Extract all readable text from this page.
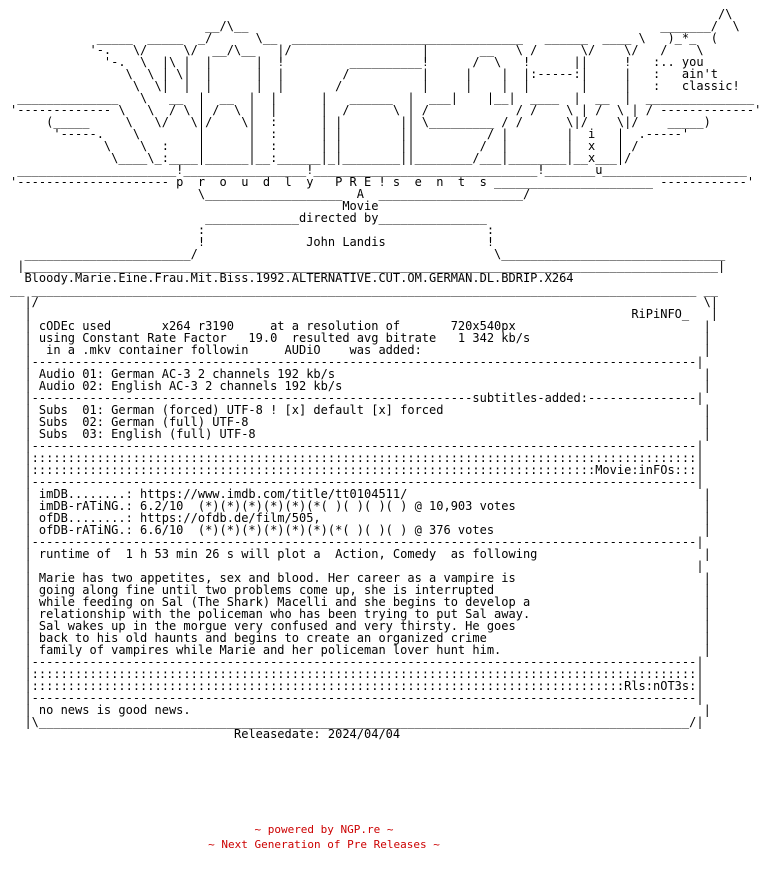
/\
__/\__                                                         _______/  \
_____  _____  _/      \__  ________________________________   ______  ____ \   )_*_  (
'-.   \/     \/  __/\__   |/                  |       __   \ /      \/    \/   /    \
'-.  \  |\ |  |      |  !         __________!      /  \   !      ||     !   :.. you
\  \ | \|  |      |  |        /          |     |    |  |:-----:|     |   :   ain't
\  \|  |  |      |  |       /           |     |    |  |       |     |   :   classic!
______________   \   __  |  __  |  |      |   ______  |  ___|    |__|  ____  |  __  |  _______________
'------------- \   \  / \ | /  \ |  |      |  /      \ | /            / /    \ | /  \ | / -------------'
(_____     \   \/   \|/    \|  :      | |        || \_________ / /      \|/    \|/    _____)
'-----.    \        |      |  :      | |        ||          / |        |  i   |  .-----'
\    \  :    |      |  :      | |        ||         /  |        |  x   | /
\____\_:____|______|__:______|_|________||________/___|________|__x___|/
______________________!_________________!_______________________________!_______u____________________
'--------------------- p  r  o  u  d  l  y   P R E ! s  e  n  t  s ______________________ ------------'
\___________________  A  ____________________/
Movie
_____________directed by_______________
:                                       :
!              John Landis              !
_______________________/                                         \_______________________________
|________________________________________________________________________________________________|
Bloody.Marie.Eine.Frau.Mit.Biss.1992.ALTERNATIVE.CUT.OM.GERMAN.DL.BDRIP.X264
__ ____________________________________________________________________________________________ __
|/                                                                                            \|
|                                                                                   RiPiNFO_   |
| cODEc used       x264 r3190     at a resolution of       720x540px                          |
| using Constant Rate Factor   19.0  resulted avg bitrate   1 342 kb/s                        |
|  in a .mkv container followin     AUDiO    was added:                                       |
|--------------------------------------------------------------------------------------------|
| Audio 01: German AC-3 2 channels 192 kb/s                                                   |
| Audio 02: English AC-3 2 channels 192 kb/s                                                  |
|-------------------------------------------------------------subtitles-added:---------------|
| Subs  01: German (forced) UTF-8 ! [x] default [x] forced                                    |
| Subs  02: German (full) UTF-8                                                               |
| Subs  03: English (full) UTF-8                                                              |
|--------------------------------------------------------------------------------------------|
|::::::::::::::::::::::::::::::::::::::::::::::::::::::::::::::::::::::::::::::::::::::::::::|
|::::::::::::::::::::::::::::::::::::::::::::::::::::::::::::::::::::::::::::::Movie:inFOs:::|
|--------------------------------------------------------------------------------------------|
| imDB........: https://www.imdb.com/title/tt0104511/                                         |
| imDB-rATiNG.: 6.2/10  (*)(*)(*)(*)(*)(*( )( )( )( ) @ 10,903 votes                          |
| ofDB........: https://ofdb.de/film/505,                                                     |
| ofDB-rATiNG.: 6.6/10  (*)(*)(*)(*)(*)(*)(*( )( )( ) @ 376 votes                             |
|--------------------------------------------------------------------------------------------|
| runtime of  1 h 53 min 26 s will plot a  Action, Comedy  as following                       |
|                                                                                            |
| Marie has two appetites, sex and blood. Her career as a vampire is                          |
| going along fine until two problems come up, she is interrupted                             |
| while feeding on Sal (The Shark) Macelli and she begins to develop a                        |
| relationship with the policeman who has been trying to put Sal away.                        |
| Sal wakes up in the morgue very confused and very thirsty. He goes                          |
| back to his old haunts and begins to create an organized crime                              |
| family of vampires while Marie and her policeman lover hunt him.                            |
|--------------------------------------------------------------------------------------------|
|::::::::::::::::::::::::::::::::::::::::::::::::::::::::::::::::::::::::::::::::::::::::::::|
|::::::::::::::::::::::::::::::::::::::::::::::::::::::::::::::::::::::::::::::::::Rls:nOT3s:|
|--------------------------------------------------------------------------------------------|
| no news is good news.                                                                       |
|\__________________________________________________________________________________________/|
Releasedate: 2024/04/04

~ powered by NGP.re ~
~ Next Generation of Pre Releases ~
